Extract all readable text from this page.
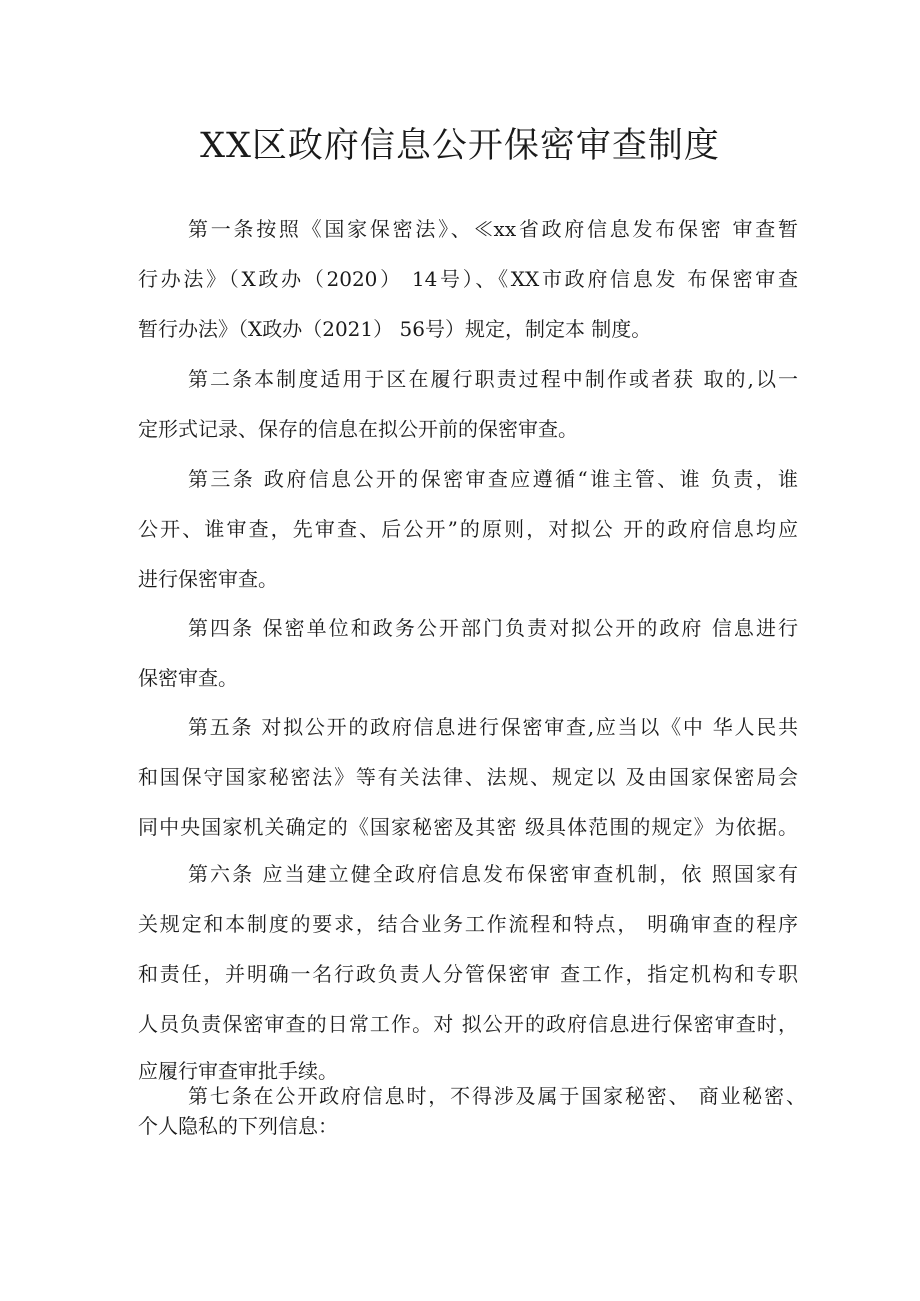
XX区政府信息公开保密审查制度
第一条按照《国家保密法》、≪xx省政府信息发布保密 审查暂
行办法》（X政办（2020） 14号）、《XX市政府信息发 布保密审查
暂行办法》（X政办（2021） 56号）规定，制定本 制度。
第二条本制度适用于区在履行职责过程中制作或者获 取的,以一
定形式记录、保存的信息在拟公开前的保密审查。
第三条 政府信息公开的保密审查应遵循“谁主管、谁 负责，谁
公开、谁审查，先审查、后公开”的原则，对拟公 开的政府信息均应
进行保密审查。
第四条 保密单位和政务公开部门负责对拟公开的政府 信息进行
保密审查。
第五条 对拟公开的政府信息进行保密审查,应当以《中 华人民共
和国保守国家秘密法》等有关法律、法规、规定以 及由国家保密局会
同中央国家机关确定的《国家秘密及其密 级具体范围的规定》为依据。
第六条 应当建立健全政府信息发布保密审查机制，依 照国家有
关规定和本制度的要求，结合业务工作流程和特点， 明确审查的程序
和责任，并明确一名行政负责人分管保密审 查工作，指定机构和专职
人员负责保密审查的日常工作。对 拟公开的政府信息进行保密审查时，
应履行审查审批手续。
第七条在公开政府信息时，不得涉及属于国家秘密、 商业秘密、
个人隐私的下列信息：
